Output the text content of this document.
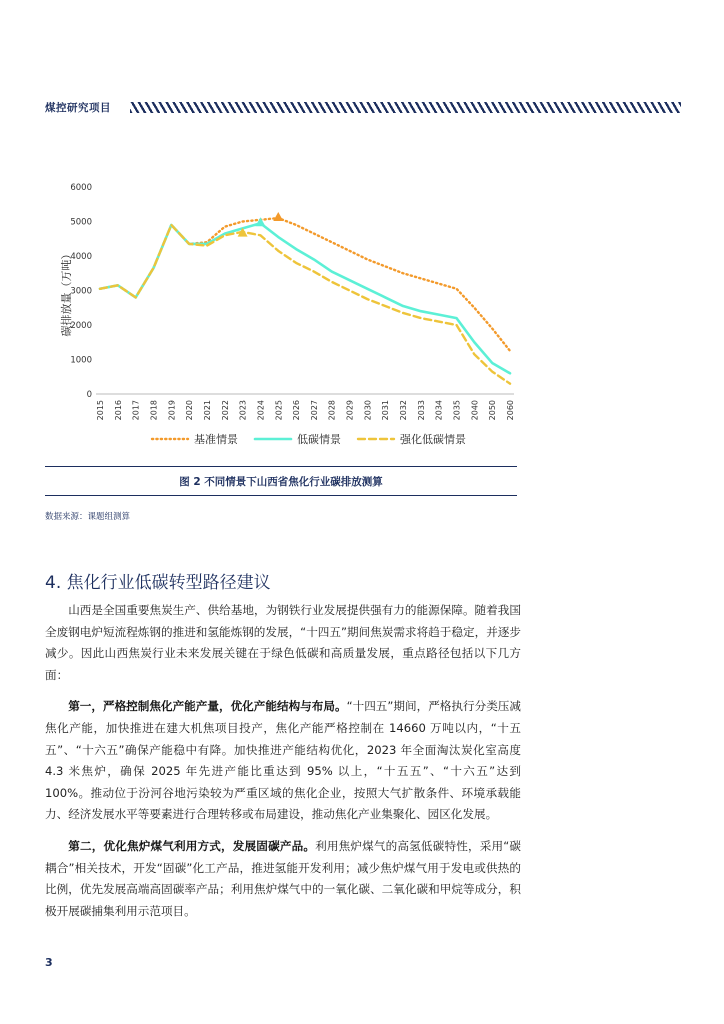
煤控研究项目
0
1000
2000
3000
4000
5000
6000
碳排放量（万吨）
2015 2016 2017 2018 2019 2020 2021 2022 2023 2024 2025 2026 2027 2028 2029 2030 2031 2032 2033 2034 2035 2040 2050 2060
基准情景	低碳情景	强化低碳情景
图 2 不同情景下山西省焦化行业碳排放测算
数据来源：课题组测算
4. 焦化行业低碳转型路径建议

山西是全国重要焦炭生产、供给基地，为钢铁行业发展提供强有力的能源保障。随着我国全废钢电炉短流程炼钢的推进和氢能炼钢的发展，“十四五”期间焦炭需求将趋于稳定，并逐步减少。因此山西焦炭行业未来发展关键在于绿色低碳和高质量发展，重点路径包括以下几方面：

第一，严格控制焦化产能产量，优化产能结构与布局。“十四五”期间，严格执行分类压减焦化产能，加快推进在建大机焦项目投产，焦化产能严格控制在 14660 万吨以内，“十五五”、“十六五”确保产能稳中有降。加快推进产能结构优化，2023 年全面淘汰炭化室高度 4.3 米焦炉，确保 2025 年先进产能比重达到 95% 以上，“十五五”、“十六五”达到 100%。推动位于汾河谷地污染较为严重区域的焦化企业，按照大气扩散条件、环境承载能力、经济发展水平等要素进行合理转移或布局建设，推动焦化产业集聚化、园区化发展。

第二，优化焦炉煤气利用方式，发展固碳产品。利用焦炉煤气的高氢低碳特性，采用“碳耦合”相关技术，开发“固碳”化工产品，推进氢能开发利用；减少焦炉煤气用于发电或供热的比例，优先发展高端高固碳率产品；利用焦炉煤气中的一氧化碳、二氧化碳和甲烷等成分，积极开展碳捕集利用示范项目。

3
